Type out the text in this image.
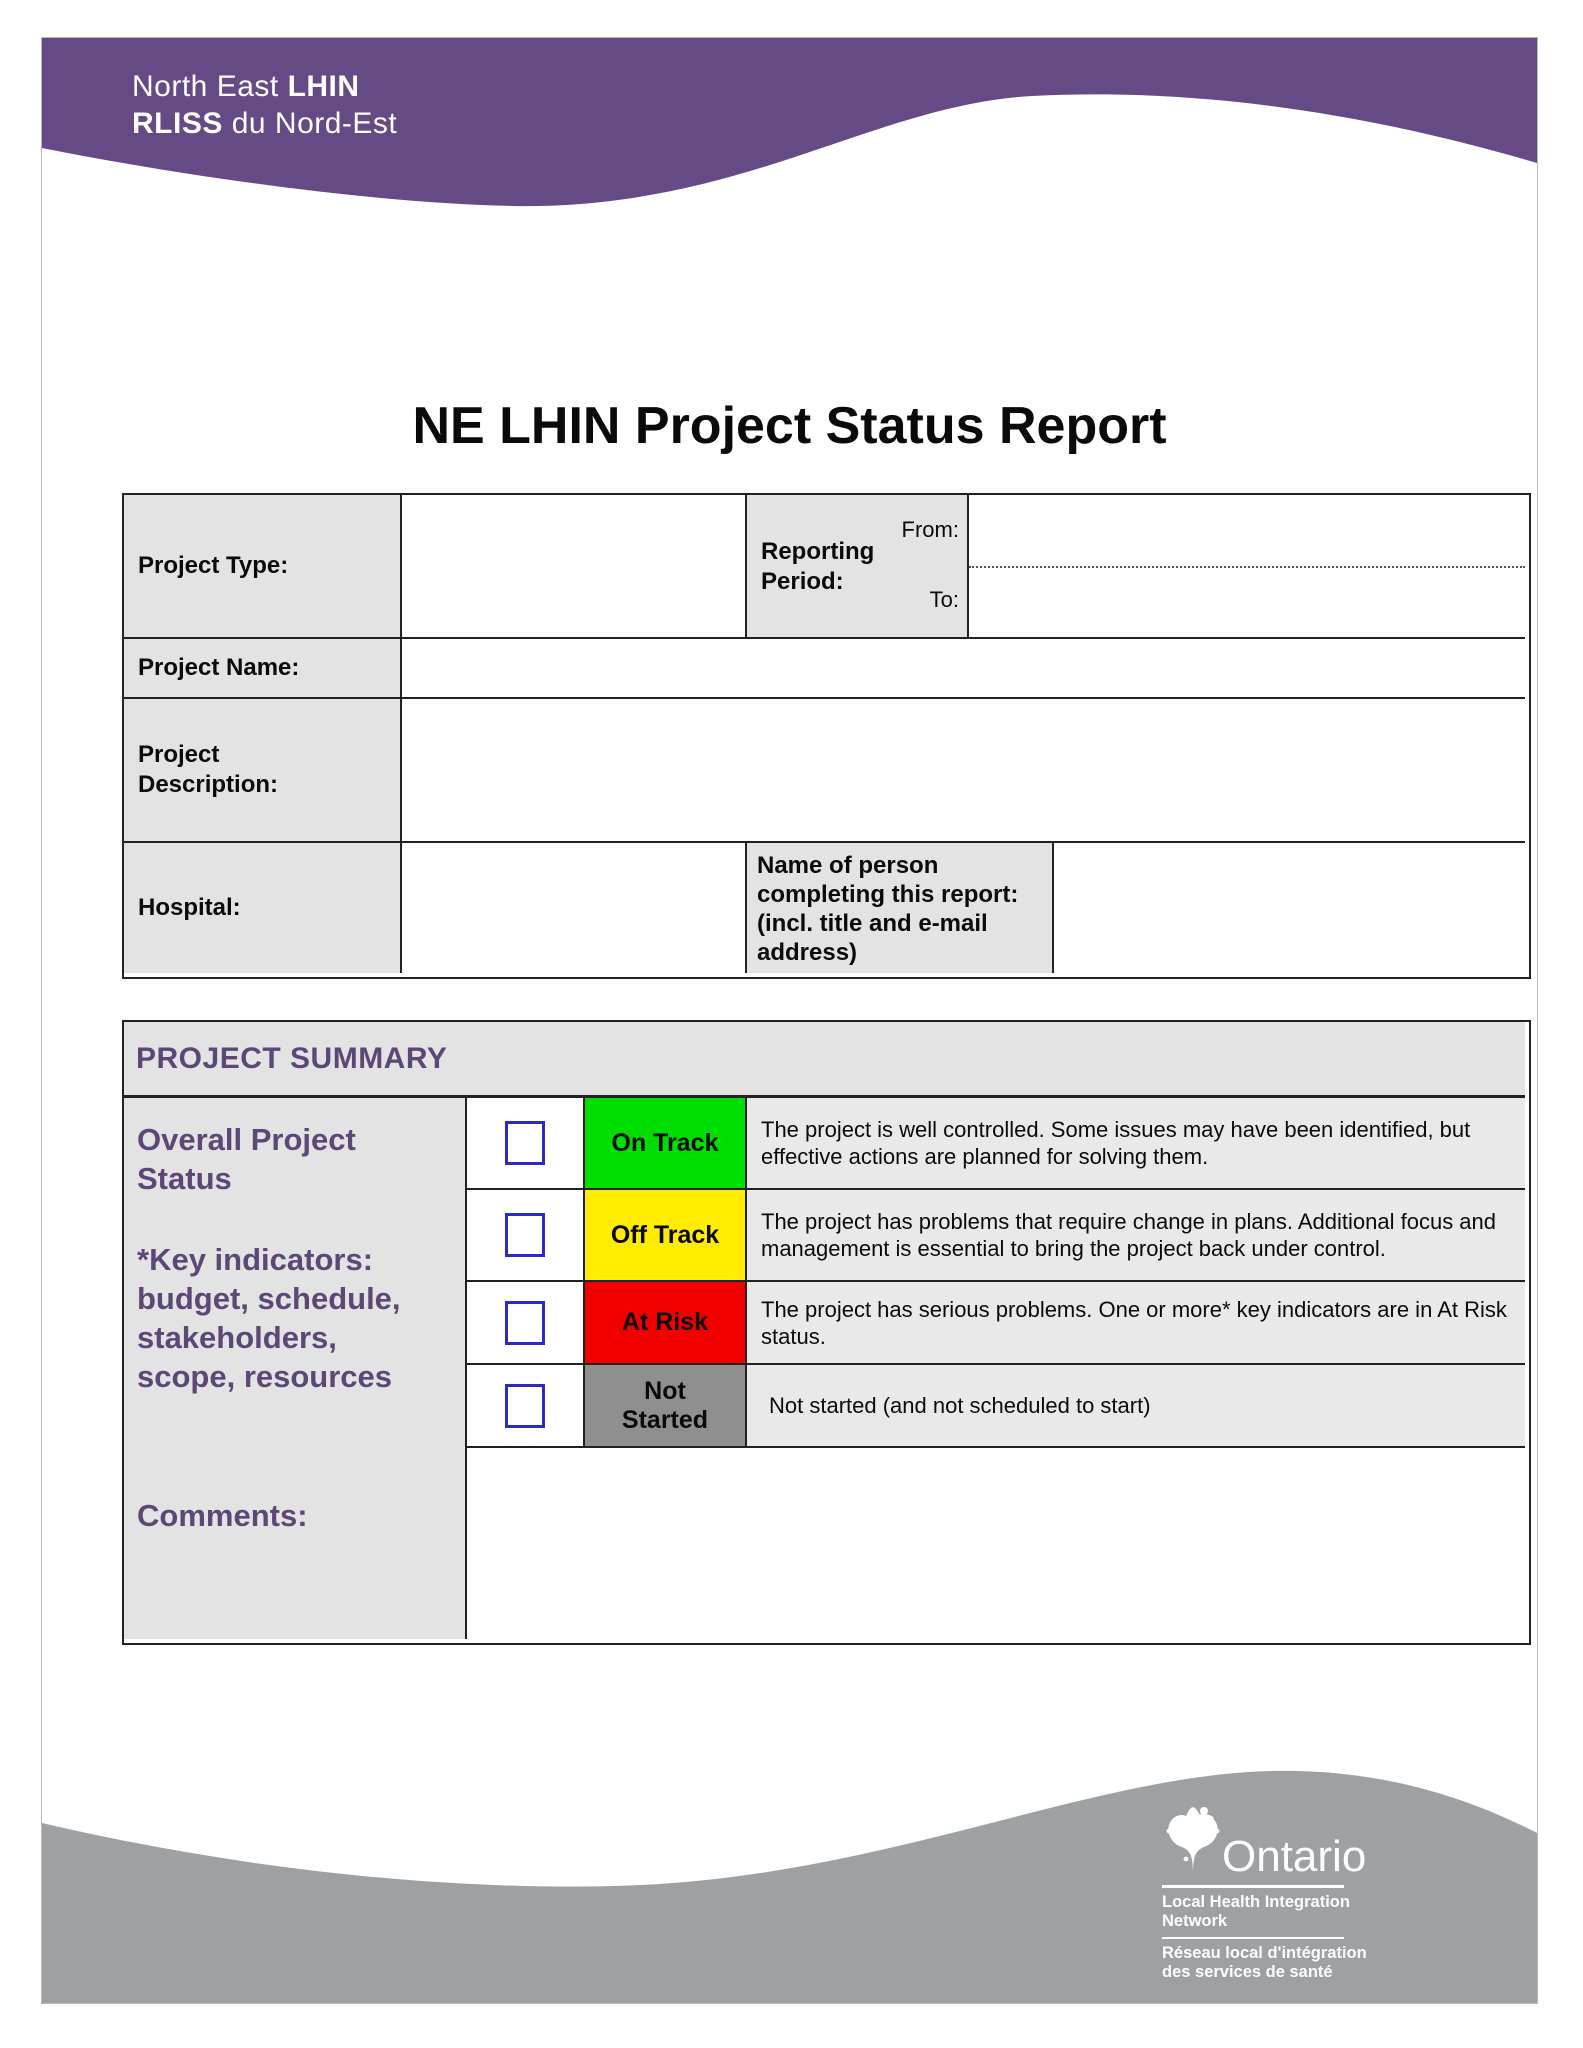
North East LHIN
RLISS du Nord-Est
NE LHIN Project Status Report
Project Type:
Reporting
Period:
From:
To:
Project Name:
Project
Description:
Hospital:
Name of person
completing this report:
(incl. title and e-mail
address)
PROJECT SUMMARY
Overall Project
Status
*Key indicators:
budget, schedule,
stakeholders,
scope, resources
Comments:
On Track	The project is well controlled. Some issues may have been identified, but effective actions are planned for solving them.
Off Track	The project has problems that require change in plans. Additional focus and management is essential to bring the project back under control.
At Risk	The project has serious problems. One or more* key indicators are in At Risk status.
Not
Started	Not started (and not scheduled to start)
Ontario
Local Health Integration
Network
Réseau local d'intégration
des services de santé
